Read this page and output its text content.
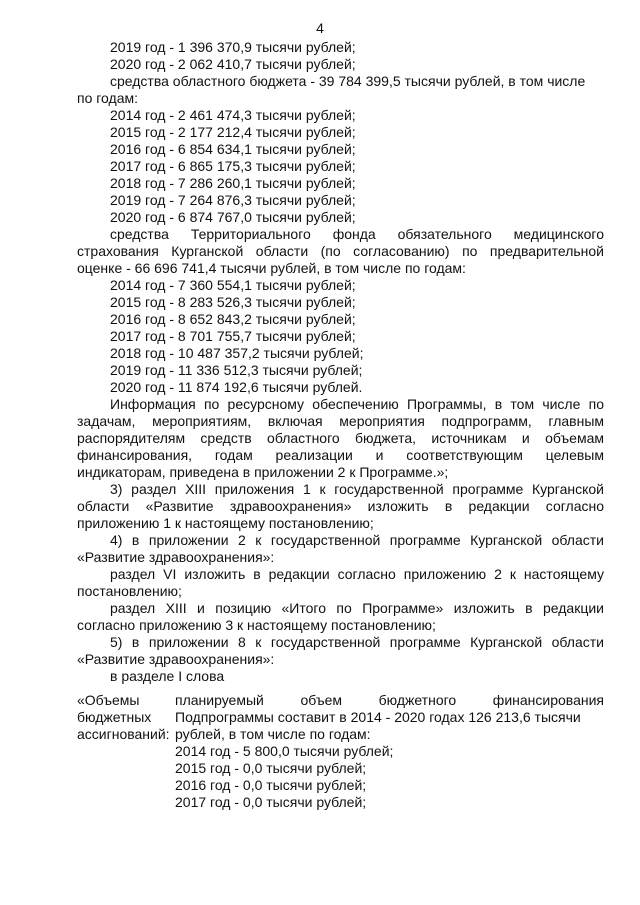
4
2019 год - 1 396 370,9 тысячи рублей;
2020 год - 2 062 410,7 тысячи рублей;
средства областного бюджета - 39 784 399,5 тысячи рублей, в том числе
по годам:
2014 год - 2 461 474,3 тысячи рублей;
2015 год - 2 177 212,4 тысячи рублей;
2016 год - 6 854 634,1 тысячи рублей;
2017 год - 6 865 175,3 тысячи рублей;
2018 год - 7 286 260,1 тысячи рублей;
2019 год - 7 264 876,3 тысячи рублей;
2020 год - 6 874 767,0 тысячи рублей;
средства Территориального фонда обязательного медицинского
страхования Курганской области (по согласованию) по предварительной
оценке - 66 696 741,4 тысячи рублей, в том числе по годам:
2014 год - 7 360 554,1 тысячи рублей;
2015 год - 8 283 526,3 тысячи рублей;
2016 год - 8 652 843,2 тысячи рублей;
2017 год - 8 701 755,7 тысячи рублей;
2018 год - 10 487 357,2 тысячи рублей;
2019 год - 11 336 512,3 тысячи рублей;
2020 год - 11 874 192,6 тысячи рублей.
Информация по ресурсному обеспечению Программы, в том числе по
задачам, мероприятиям, включая мероприятия подпрограмм, главным
распорядителям средств областного бюджета, источникам и объемам
финансирования, годам реализации и соответствующим целевым
индикаторам, приведена в приложении 2 к Программе.»;
3) раздел XIII приложения 1 к государственной программе Курганской
области «Развитие здравоохранения» изложить в редакции согласно
приложению 1 к настоящему постановлению;
4) в приложении 2 к государственной программе Курганской области
«Развитие здравоохранения»:
раздел VI изложить в редакции согласно приложению 2 к настоящему
постановлению;
раздел XIII и позицию «Итого по Программе» изложить в редакции
согласно приложению 3 к настоящему постановлению;
5) в приложении 8 к государственной программе Курганской области
«Развитие здравоохранения»:
в разделе I слова
«Объемы
бюджетных
ассигнований:
планируемый объем бюджетного финансирования
Подпрограммы составит в 2014 - 2020 годах 126 213,6 тысячи
рублей, в том числе по годам:
2014 год - 5 800,0 тысячи рублей;
2015 год - 0,0 тысячи рублей;
2016 год - 0,0 тысячи рублей;
2017 год - 0,0 тысячи рублей;
